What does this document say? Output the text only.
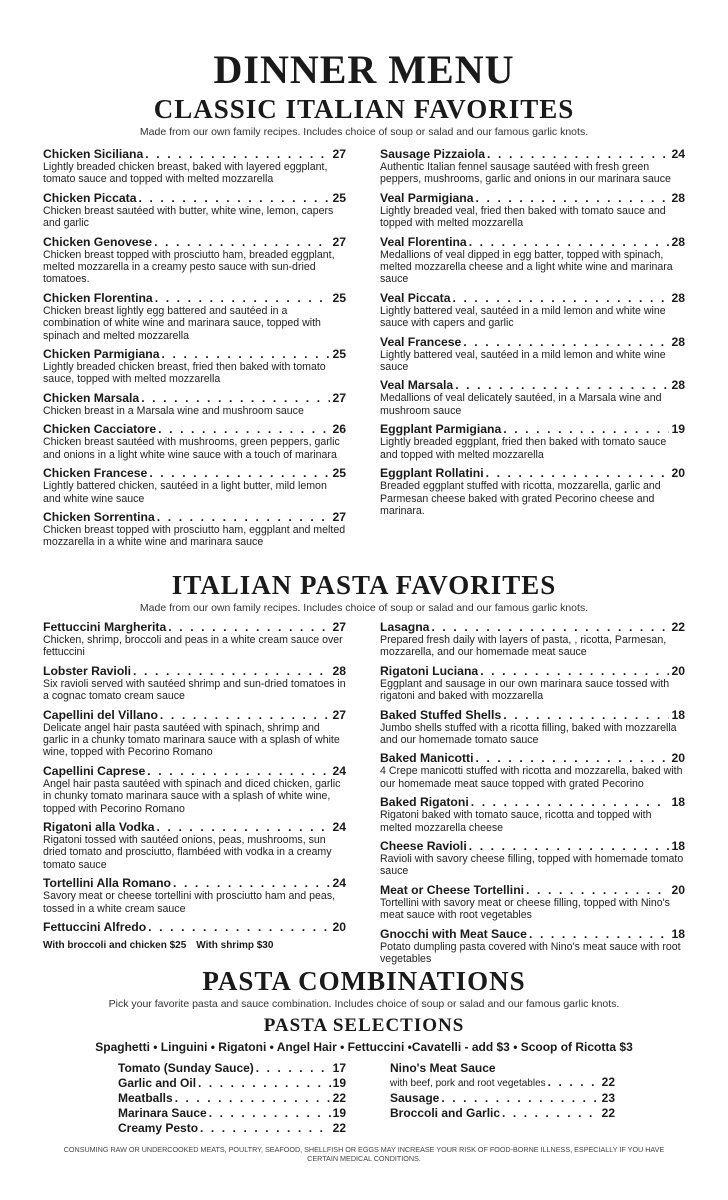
DINNER MENU
CLASSIC ITALIAN FAVORITES
Made from our own family recipes. Includes choice of soup or salad and our famous garlic knots.
Chicken Siciliana . . .	27
Lightly breaded chicken breast, baked with layered eggplant, tomato sauce and topped with melted mozzarella
Chicken Piccata . . .	25
Chicken breast sautéed with butter, white wine, lemon, capers and garlic
Chicken Genovese . . .	27
Chicken breast topped with prosciutto ham, breaded eggplant, melted mozzarella in a creamy pesto sauce with sun-dried tomatoes.
Chicken Florentina . . .	25
Chicken breast lightly egg battered and sautéed in a combination of white wine and marinara sauce, topped with spinach and melted mozzarella
Chicken Parmigiana . . .	25
Lightly breaded chicken breast, fried then baked with tomato sauce, topped with melted mozzarella
Chicken Marsala . . .	27
Chicken breast in a Marsala wine and mushroom sauce
Chicken Cacciatore . . .	26
Chicken breast sautéed with mushrooms, green peppers, garlic and onions in a light white wine sauce with a touch of marinara
Chicken Francese . . .	25
Lightly battered chicken, sautéed in a light butter, mild lemon and white wine sauce
Chicken Sorrentina . . .	27
Chicken breast topped with prosciutto ham, eggplant and melted mozzarella in a white wine and marinara sauce
Sausage Pizzaiola . . .	24
Authentic Italian fennel sausage sautéed with fresh green peppers, mushrooms, garlic and onions in our marinara sauce
Veal Parmigiana . . .	28
Lightly breaded veal, fried then baked with tomato sauce and topped with melted mozzarella
Veal Florentina . . .	28
Medallions of veal dipped in egg batter, topped with spinach, melted mozzarella cheese and a light white wine and marinara sauce
Veal Piccata . . .	28
Lightly battered veal, sautéed in a mild lemon and white wine sauce with capers and garlic
Veal Francese . . .	28
Lightly battered veal, sautéed in a mild lemon and white wine sauce
Veal Marsala . . .	28
Medallions of veal delicately sautéed, in a Marsala wine and mushroom sauce
Eggplant Parmigiana . . .	19
Lightly breaded eggplant, fried then baked with tomato sauce and topped with melted mozzarella
Eggplant Rollatini . . .	20
Breaded eggplant stuffed with ricotta, mozzarella, garlic and Parmesan cheese baked with grated Pecorino cheese and marinara.
ITALIAN PASTA FAVORITES
Made from our own family recipes. Includes choice of soup or salad and our famous garlic knots.
Fettuccini Margherita . . .	27
Chicken, shrimp, broccoli and peas in a white cream sauce over fettuccini
Lobster Ravioli . . .	28
Six ravioli served with sautéed shrimp and sun-dried tomatoes in a cognac tomato cream sauce
Capellini del Villano . . .	27
Delicate angel hair pasta sautéed with spinach, shrimp and garlic in a chunky tomato marinara sauce with a splash of white wine, topped with Pecorino Romano
Capellini Caprese . . .	24
Angel hair pasta sautéed with spinach and diced chicken, garlic in chunky tomato marinara sauce with a splash of white wine, topped with Pecorino Romano
Rigatoni alla Vodka . . .	24
Rigatoni tossed with sautéed onions, peas, mushrooms, sun dried tomato and prosciutto, flambéed with vodka in a creamy tomato sauce
Tortellini Alla Romano . . .	24
Savory meat or cheese tortellini with prosciutto ham and peas, tossed in a white cream sauce
Fettuccini Alfredo . . .	20
With broccoli and chicken $25 With shrimp $30
Lasagna . . .	22
Prepared fresh daily with layers of pasta, , ricotta, Parmesan, mozzarella, and our homemade meat sauce
Rigatoni Luciana . . .	20
Eggplant and sausage in our own marinara sauce tossed with rigatoni and baked with mozzarella
Baked Stuffed Shells . . .	18
Jumbo shells stuffed with a ricotta filling, baked with mozzarella and our homemade tomato sauce
Baked Manicotti . . .	20
4 Crepe manicotti stuffed with ricotta and mozzarella, baked with our homemade meat sauce topped with grated Pecorino
Baked Rigatoni . . .	18
Rigatoni baked with tomato sauce, ricotta and topped with melted mozzarella cheese
Cheese Ravioli . . .	18
Ravioli with savory cheese filling, topped with homemade tomato sauce
Meat or Cheese Tortellini . . .	20
Tortellini with savory meat or cheese filling, topped with Nino's meat sauce with root vegetables
Gnocchi with Meat Sauce . . .	18
Potato dumpling pasta covered with Nino's meat sauce with root vegetables
PASTA COMBINATIONS
Pick your favorite pasta and sauce combination. Includes choice of soup or salad and our famous garlic knots.
PASTA SELECTIONS
Spaghetti • Linguini • Rigatoni • Angel Hair • Fettuccini •Cavatelli - add $3 • Scoop of Ricotta $3
Tomato (Sunday Sauce) . . .	17
Garlic and Oil . . .	19
Meatballs . . .	22
Marinara Sauce . . .	19
Creamy Pesto . . .	22
Nino's Meat Sauce
with beef, pork and root vegetables . . .	22
Sausage . . .	23
Broccoli and Garlic . . .	22
CONSUMING RAW OR UNDERCOOKED MEATS, POULTRY, SEAFOOD, SHELLFISH OR EGGS MAY INCREASE YOUR RISK OF FOOD-BORNE ILLNESS, ESPECIALLY IF YOU HAVE CERTAIN MEDICAL CONDITIONS.
